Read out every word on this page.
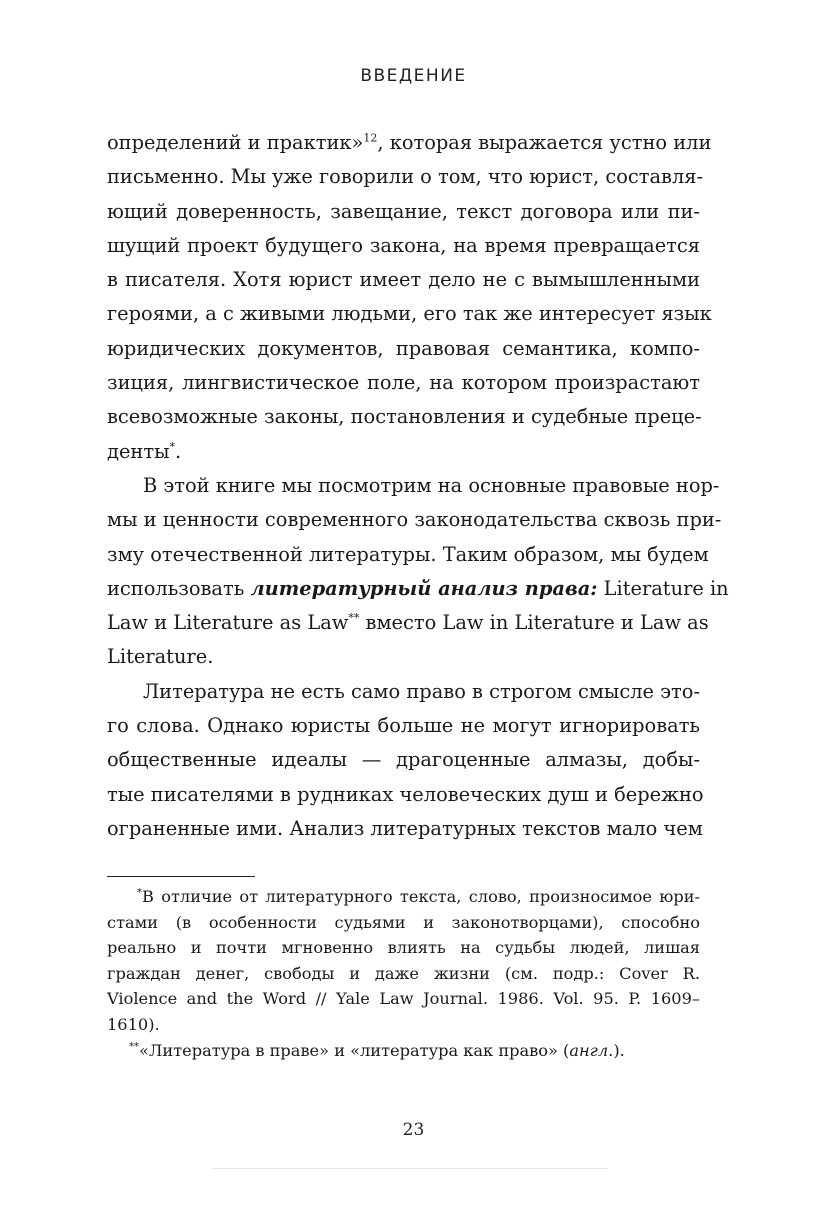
ВВЕДЕНИЕ
определений и практик»$^{12}$, которая выражается устно или
письменно. Мы уже говорили о том, что юрист, составля-
ющий доверенность, завещание, текст договора или пи-
шущий проект будущего закона, на время превращается
в писателя. Хотя юрист имеет дело не с вымышленными
героями, а с живыми людьми, его так же интересует язык
юридических документов, правовая семантика, компо-
зиция, лингвистическое поле, на котором произрастают
всевозможные законы, постановления и судебные преце-
денты*.
В этой книге мы посмотрим на основные правовые нор-
мы и ценности современного законодательства сквозь при-
зму отечественной литературы. Таким образом, мы будем
использовать литературный анализ права: Literature in
Law и Literature as Law** вместо Law in Literature и Law as
Literature.
Литература не есть само право в строгом смысле это-
го слова. Однако юристы больше не могут игнорировать
общественные идеалы — драгоценные алмазы, добы-
тые писателями в рудниках человеческих душ и бережно
ограненные ими. Анализ литературных текстов мало чем
*В отличие от литературного текста, слово, произносимое юри-
стами (в особенности судьями и законотворцами), способно
реально и почти мгновенно влиять на судьбы людей, лишая
граждан денег, свободы и даже жизни (см. подр.: Cover R.
Violence and the Word // Yale Law Journal. 1986. Vol. 95. P. 1609–
1610).
**«Литература в праве» и «литература как право» (англ.).
23
